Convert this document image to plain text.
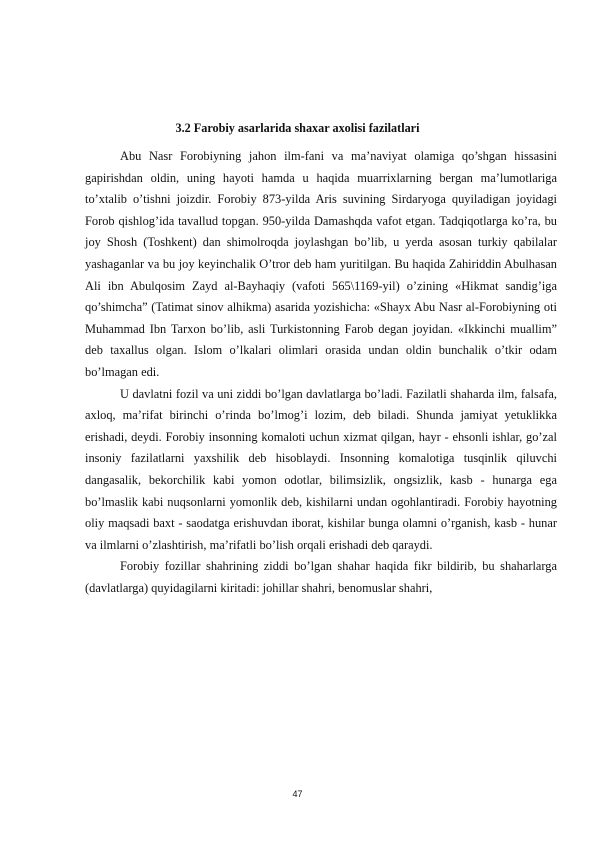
3.2 Farobiy asarlarida shaxar axolisi fazilatlari

Abu Nasr Forobiyning jahon ilm-fani va ma’naviyat olamiga qo’shgan hissasini gapirishdan oldin, uning hayoti hamda u haqida muarrixlarning bergan ma’lumotlariga to’xtalib o’tishni joizdir. Forobiy 873-yilda Aris suvining Sirdaryoga quyiladigan joyidagi Forob qishlog’ida tavallud topgan. 950-yilda Damashqda vafot etgan. Tadqiqotlarga ko’ra, bu joy Shosh (Toshkent) dan shimolroqda joylashgan bo’lib, u yerda asosan turkiy qabilalar yashaganlar va bu joy keyinchalik O’tror deb ham yuritilgan. Bu haqida Zahiriddin Abulhasan Ali ibn Abulqosim Zayd al-Bayhaqiy (vafoti 565\1169-yil) o’zining «Hikmat sandig’iga qo’shimcha” (Tatimat sinov alhikma) asarida yozishicha: «Shayx Abu Nasr al-Forobiyning oti Muhammad Ibn Tarxon bo’lib, asli Turkistonning Farob degan joyidan. «Ikkinchi muallim” deb taxallus olgan. Islom o’lkalari olimlari orasida undan oldin bunchalik o’tkir odam bo’lmagan edi.

U davlatni fozil va uni ziddi bo’lgan davlatlarga bo’ladi. Fazilatli shaharda ilm, falsafa, axloq, ma’rifat birinchi o’rinda bo’lmog’i lozim, deb biladi. Shunda jamiyat yetuklikka erishadi, deydi. Forobiy insonning komaloti uchun xizmat qilgan, hayr - ehsonli ishlar, go’zal insoniy fazilatlarni yaxshilik deb hisoblaydi. Insonning komalotiga tusqinlik qiluvchi dangasalik, bekorchilik kabi yomon odotlar, bilimsizlik, ongsizlik, kasb - hunarga ega bo’lmaslik kabi nuqsonlarni yomonlik deb, kishilarni undan ogohlantiradi. Forobiy hayotning oliy maqsadi baxt - saodatga erishuvdan iborat, kishilar bunga olamni o’rganish, kasb - hunar va ilmlarni o’zlashtirish, ma’rifatli bo’lish orqali erishadi deb qaraydi.

Forobiy fozillar shahrining ziddi bo’lgan shahar haqida fikr bildirib, bu shaharlarga (davlatlarga) quyidagilarni kiritadi: johillar shahri, benomuslar shahri,

47
